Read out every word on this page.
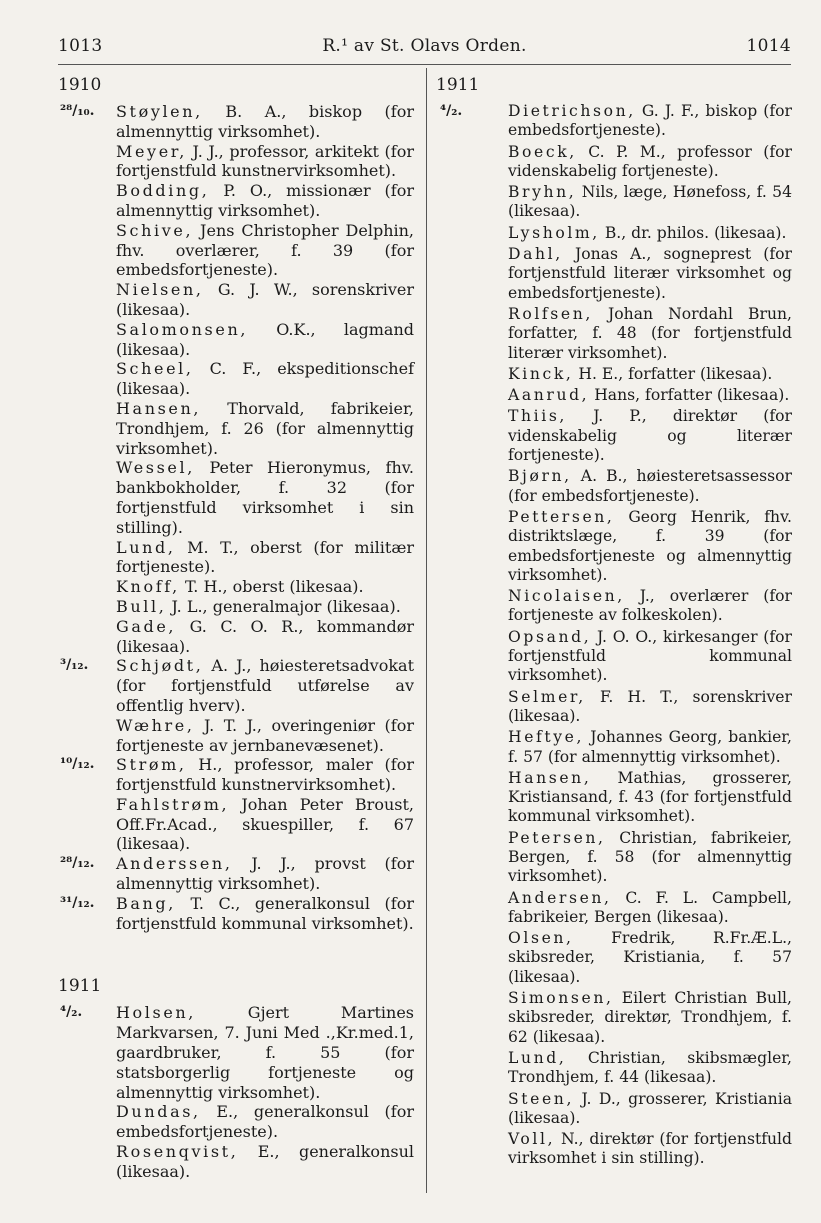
1013	R.¹ av St. Olavs Orden.	1014
1910
²⁸/₁₀. Støylen, B. A., biskop (for almennyttig virksomhet).
Meyer, J. J., professor, arkitekt (for fortjenstfuld kunstnervirksomhet).
Bodding, P. O., missionær (for almennyttig virksomhet).
Schive, Jens Christopher Delphin, fhv. overlærer, f. 39 (for embedsfortjeneste).
Nielsen, G. J. W., sorenskriver (likesaa).
Salomonsen, O.K., lagmand (likesaa).
Scheel, C. F., ekspeditionschef (likesaa).
Hansen, Thorvald, fabrikeier, Trondhjem, f. 26 (for almennyttig virksomhet).
Wessel, Peter Hieronymus, fhv. bankbokholder, f. 32 (for fortjenstfuld virksomhet i sin stilling).
Lund, M. T., oberst (for militær fortjeneste).
Knoff, T. H., oberst (likesaa).
Bull, J. L., generalmajor (likesaa).
Gade, G. C. O. R., kommandør (likesaa).
³/₁₂. Schjødt, A. J., høiesteretsadvokat (for fortjenstfuld utførelse av offentlig hverv).
Wæhre, J. T. J., overingeniør (for fortjeneste av jernbanevæsenet).
¹⁰/₁₂. Strøm, H., professor, maler (for fortjenstfuld kunstnervirksomhet).
Fahlstrøm, Johan Peter Broust, Off.Fr.Acad., skuespiller, f. 67 (likesaa).
²⁸/₁₂. Anderssen, J. J., provst (for almennyttig virksomhet).
³¹/₁₂. Bang, T. C., generalkonsul (for fortjenstfuld kommunal virksomhet).
1911
⁴/₂. Holsen, Gjert Martines Markvarsen, 7. Juni Med .,Kr.med.1, gaardbruker, f. 55 (for statsborgerlig fortjeneste og almennyttig virksomhet).
Dundas, E., generalkonsul (for embedsfortjeneste).
Rosenqvist, E., generalkonsul (likesaa).
1911
⁴/₂.	Dietrichson, G. J. F., biskop (for embedsfortjeneste).
Boeck, C. P. M., professor (for videnskabelig fortjeneste).
Bryhn, Nils, læge, Hønefoss, f. 54 (likesaa).
Lysholm, B., dr. philos. (likesaa).
Dahl, Jonas A., sogneprest (for fortjenstfuld literær virksomhet og embedsfortjeneste).
Rolfsen, Johan Nordahl Brun, forfatter, f. 48 (for fortjenstfuld literær virksomhet).
Kinck, H. E., forfatter (likesaa).
Aanrud, Hans, forfatter (likesaa).
Thiis, J. P., direktør (for videnskabelig og literær fortjeneste).
Bjørn, A. B., høiesteretsassessor (for embedsfortjeneste).
Pettersen, Georg Henrik, fhv. distriktslæge, f. 39 (for embedsfortjeneste og almennyttig virksomhet).
Nicolaisen, J., overlærer (for fortjeneste av folkeskolen).
Opsand, J. O. O., kirkesanger (for fortjenstfuld kommunal virksomhet).
Selmer, F. H. T., sorenskriver (likesaa).
Heftye, Johannes Georg, bankier, f. 57 (for almennyttig virksomhet).
Hansen, Mathias, grosserer, Kristiansand, f. 43 (for fortjenstfuld kommunal virksomhet).
Petersen, Christian, fabrikeier, Bergen, f. 58 (for almennyttig virksomhet).
Andersen, C. F. L. Campbell, fabrikeier, Bergen (likesaa).
Olsen, Fredrik, R.Fr.Æ.L., skibsreder, Kristiania, f. 57 (likesaa).
Simonsen, Eilert Christian Bull, skibsreder, direktør, Trondhjem, f. 62 (likesaa).
Lund, Christian, skibsmægler, Trondhjem, f. 44 (likesaa).
Steen, J. D., grosserer, Kristiania (likesaa).
Voll, N., direktør (for fortjenstfuld virksomhet i sin stilling).
